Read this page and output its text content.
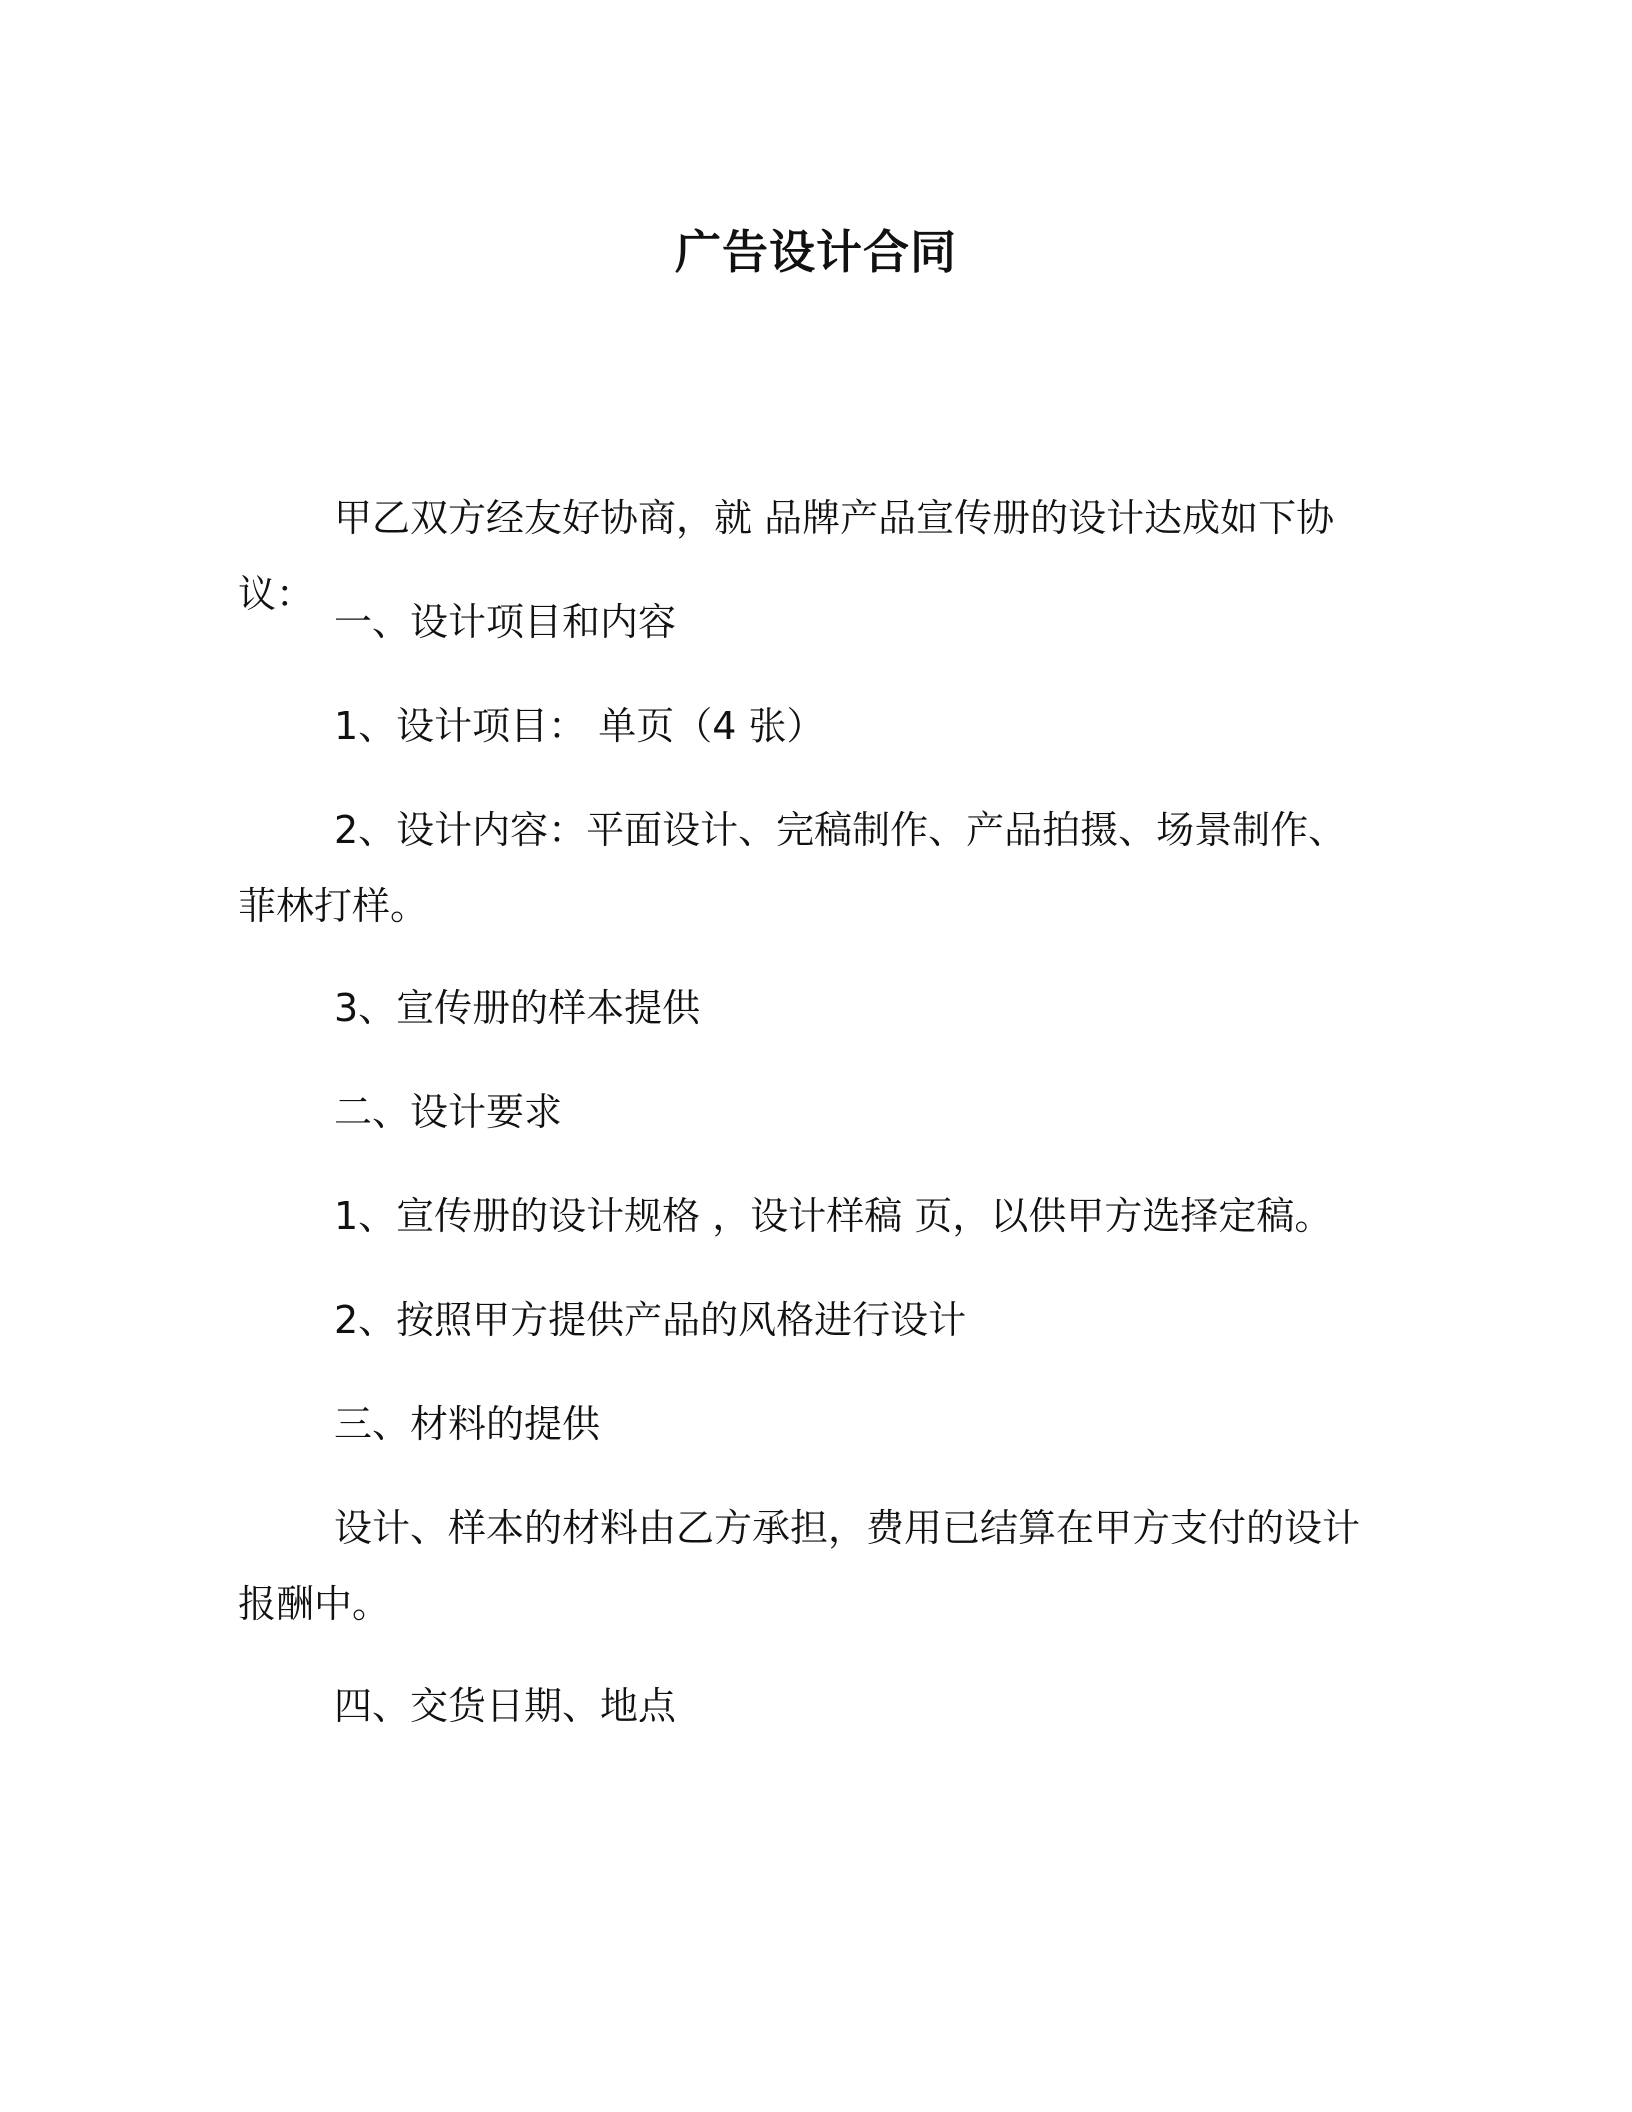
广告设计合同
甲乙双方经友好协商，就 品牌产品宣传册的设计达成如下协议：
一、设计项目和内容
1、设计项目： 单页（4 张）
2、设计内容：平面设计、完稿制作、产品拍摄、场景制作、菲林打样。
3、宣传册的样本提供
二、设计要求
1、宣传册的设计规格 ，设计样稿 页，以供甲方选择定稿。
2、按照甲方提供产品的风格进行设计
三、材料的提供
设计、样本的材料由乙方承担，费用已结算在甲方支付的设计报酬中。
四、交货日期、地点
